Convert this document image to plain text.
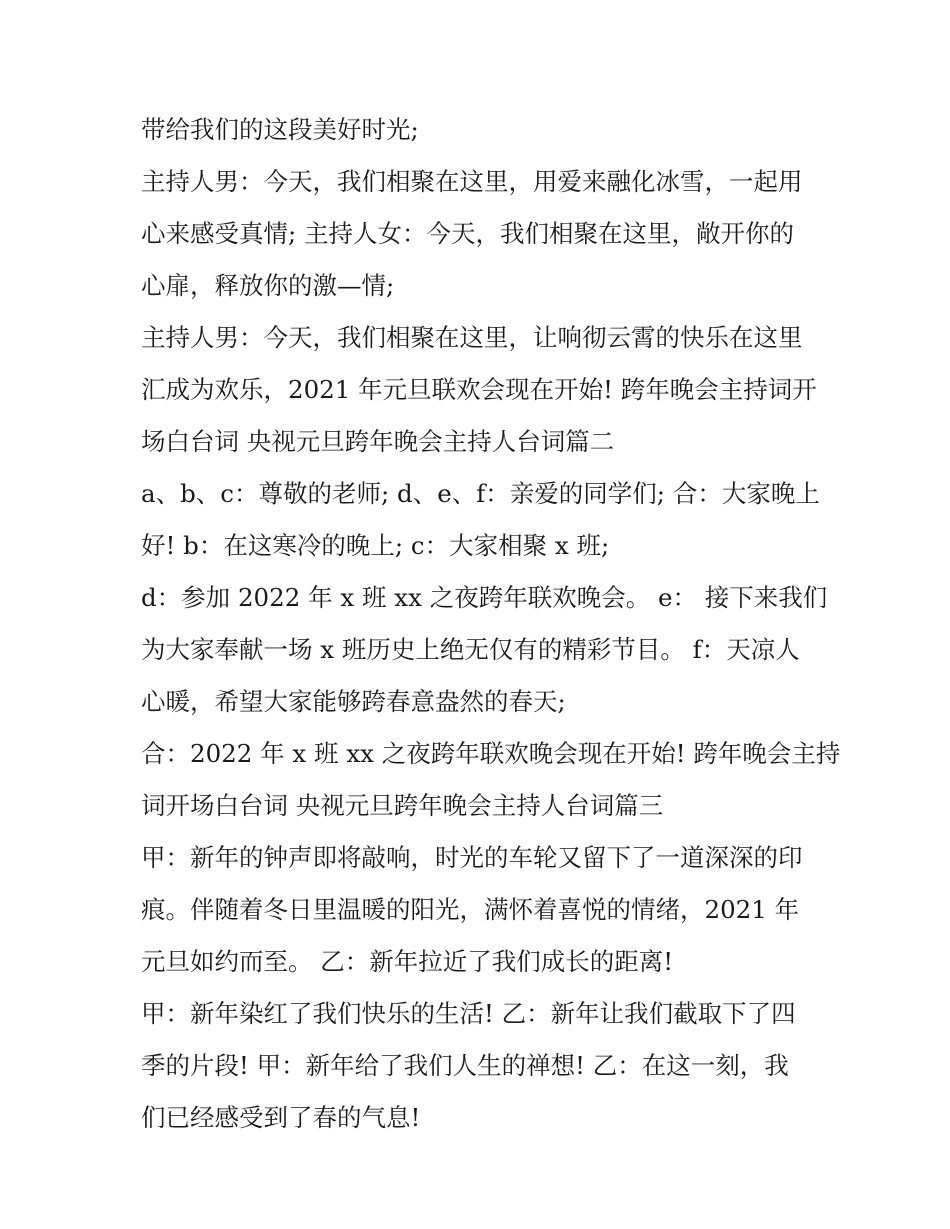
带给我们的这段美好时光;
主持人男：今天，我们相聚在这里，用爱来融化冰雪，一起用
心来感受真情; 主持人女：今天，我们相聚在这里，敞开你的
心扉，释放你的激—情;
主持人男：今天，我们相聚在这里，让响彻云霄的快乐在这里
汇成为欢乐，2021 年元旦联欢会现在开始! 跨年晚会主持词开
场白台词 央视元旦跨年晚会主持人台词篇二
a、b、c：尊敬的老师; d、e、f：亲爱的同学们; 合：大家晚上
好! b：在这寒冷的晚上; c：大家相聚 x 班;
d：参加 2022 年 x 班 xx 之夜跨年联欢晚会。 e： 接下来我们
为大家奉献一场 x 班历史上绝无仅有的精彩节目。 f：天凉人
心暖，希望大家能够跨春意盎然的春天;
合：2022 年 x 班 xx 之夜跨年联欢晚会现在开始! 跨年晚会主持
词开场白台词 央视元旦跨年晚会主持人台词篇三
甲：新年的钟声即将敲响，时光的车轮又留下了一道深深的印
痕。伴随着冬日里温暖的阳光，满怀着喜悦的情绪，2021 年
元旦如约而至。 乙：新年拉近了我们成长的距离!
甲：新年染红了我们快乐的生活! 乙：新年让我们截取下了四
季的片段! 甲：新年给了我们人生的禅想! 乙：在这一刻，我
们已经感受到了春的气息!
